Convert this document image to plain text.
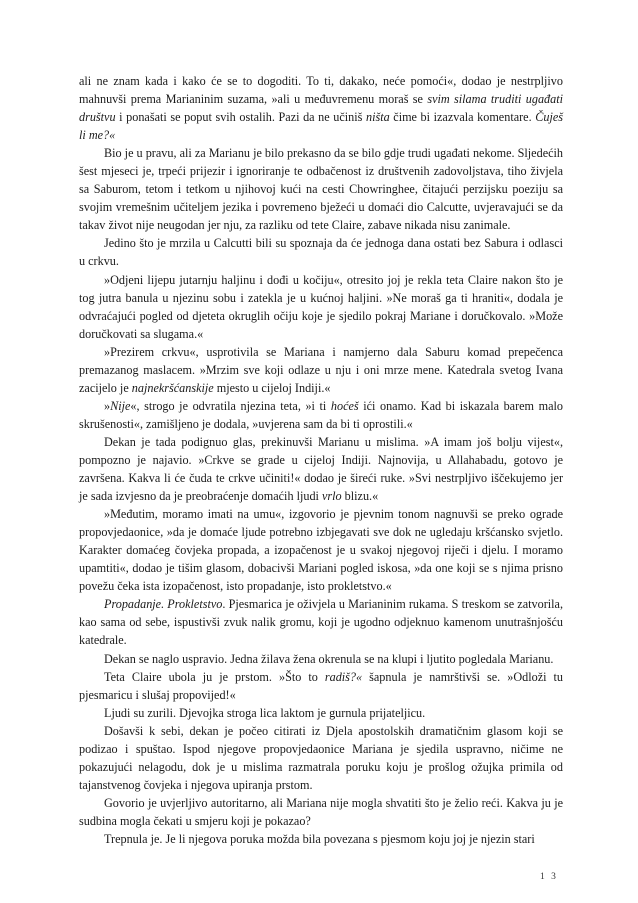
ali ne znam kada i kako će se to dogoditi. To ti, dakako, neće pomoći«, dodao je nestrpljivo mahnuvši prema Marianinim suzama, »ali u međuvremenu moraš se svim silama truditi ugađati društvu i ponašati se poput svih ostalih. Pazi da ne učiniš ništa čime bi izazvala komentare. Čuješ li me?«

Bio je u pravu, ali za Marianu je bilo prekasno da se bilo gdje trudi ugađati nekome. Sljedećih šest mjeseci je, trpeći prijezir i ignoriranje te odbačenost iz društvenih zadovoljstava, tiho živjela sa Saburom, tetom i tetkom u njihovoj kući na cesti Chowringhee, čitajući perzijsku poeziju sa svojim vremešnim učiteljem jezika i povremeno bježeći u domaći dio Calcutte, uvjeravajući se da takav život nije neugodan jer nju, za razliku od tete Claire, zabave nikada nisu zanimale.

Jedino što je mrzila u Calcutti bili su spoznaja da će jednoga dana ostati bez Sabura i odlasci u crkvu.

»Odjeni lijepu jutarnju haljinu i dođi u kočiju«, otresito joj je rekla teta Claire nakon što je tog jutra banula u njezinu sobu i zatekla je u kućnoj haljini. »Ne moraš ga ti hraniti«, dodala je odvraćajući pogled od djeteta okruglih očiju koje je sjedilo pokraj Mariane i doručkovalo. »Može doručkovati sa slugama.«

»Prezirem crkvu«, usprotivila se Mariana i namjerno dala Saburu komad prepečenca premazanog maslacem. »Mrzim sve koji odlaze u nju i oni mrze mene. Katedrala svetog Ivana zacijelo je najnekršćanskije mjesto u cijeloj Indiji.«

»Nije«, strogo je odvratila njezina teta, »i ti hoćeš ići onamo. Kad bi iskazala barem malo skrušenosti«, zamišljeno je dodala, »uvjerena sam da bi ti oprostili.«

Dekan je tada podignuo glas, prekinuvši Marianu u mislima. »A imam još bolju vijest«, pompozno je najavio. »Crkve se grade u cijeloj Indiji. Najnovija, u Allahabadu, gotovo je završena. Kakva li će čuda te crkve učiniti!« dodao je šireći ruke. »Svi nestrpljivo iščekujemo jer je sada izvjesno da je preobraćenje domaćih ljudi vrlo blizu.«

»Međutim, moramo imati na umu«, izgovorio je pjevnim tonom nagnuvši se preko ograde propovjedaonice, »da je domaće ljude potrebno izbjegavati sve dok ne ugledaju kršćansko svjetlo. Karakter domaćeg čovjeka propada, a izopačenost je u svakoj njegovoj riječi i djelu. I moramo upamtiti«, dodao je tišim glasom, dobacivši Mariani pogled iskosa, »da one koji se s njima prisno povežu čeka ista izopačenost, isto propadanje, isto prokletstvo.«

Propadanje. Prokletstvo. Pjesmarica je oživjela u Marianinim rukama. S treskom se zatvorila, kao sama od sebe, ispustivši zvuk nalik gromu, koji je ugodno odjeknuo kamenom unutrašnjošću katedrale.

Dekan se naglo uspravio. Jedna žilava žena okrenula se na klupi i ljutito pogledala Marianu.

Teta Claire ubola ju je prstom. »Što to radiš?« šapnula je namrštivši se. »Odloži tu pjesmaricu i slušaj propovijed!«

Ljudi su zurili. Djevojka stroga lica laktom je gurnula prijateljicu.

Došavši k sebi, dekan je počeo citirati iz Djela apostolskih dramatičnim glasom koji se podizao i spuštao. Ispod njegove propovjedaonice Mariana je sjedila uspravno, ničime ne pokazujući nelagodu, dok je u mislima razmatrala poruku koju je prošlog ožujka primila od tajanstvenog čovjeka i njegova upiranja prstom.

Govorio je uvjerljivo autoritarno, ali Mariana nije mogla shvatiti što je želio reći. Kakva ju je sudbina mogla čekati u smjeru koji je pokazao?

Trepnula je. Je li njegova poruka možda bila povezana s pjesmom koju joj je njezin stari

1 3
